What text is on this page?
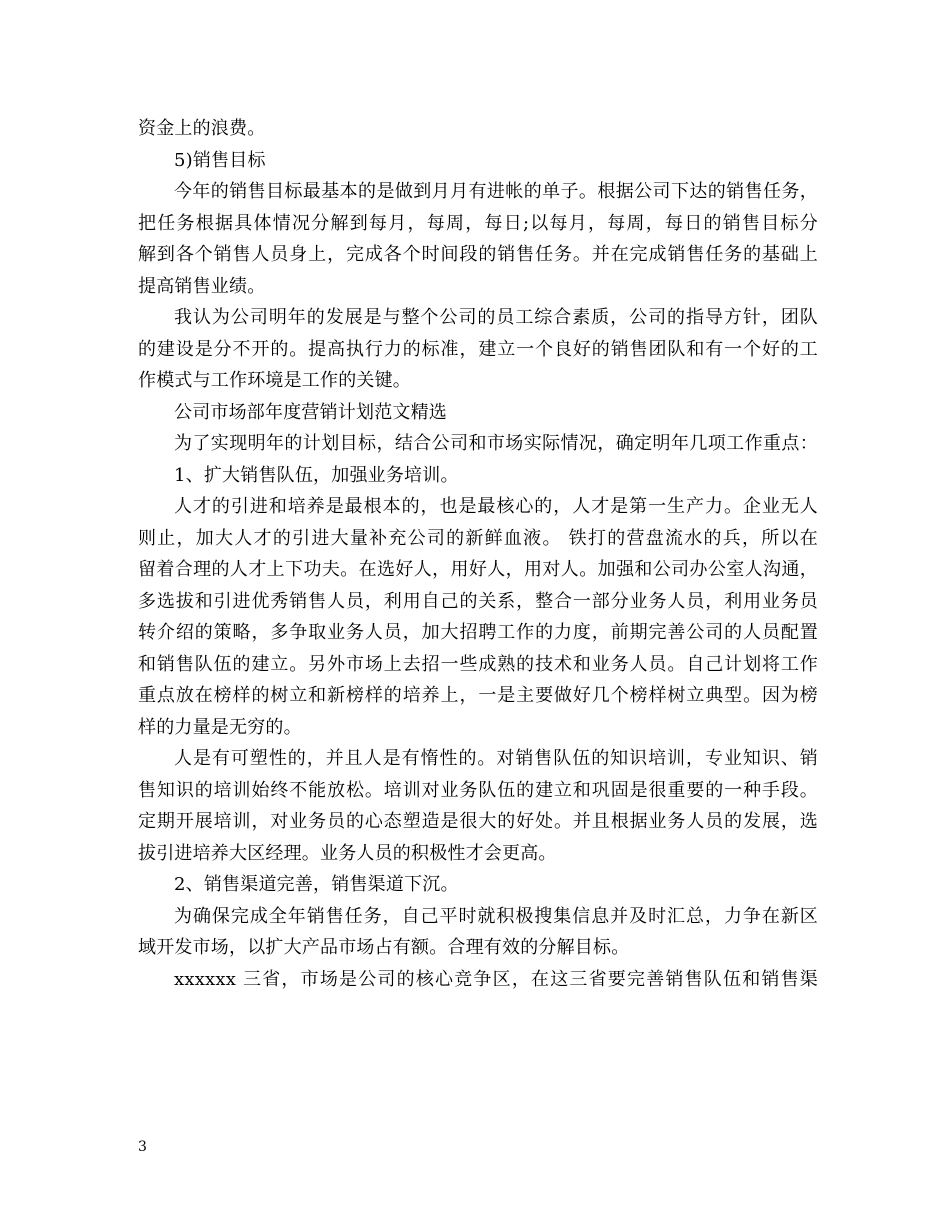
资金上的浪费。
5)销售目标
今年的销售目标最基本的是做到月月有进帐的单子。根据公司下达的销售任务，
把任务根据具体情况分解到每月，每周，每日;以每月，每周，每日的销售目标分
解到各个销售人员身上，完成各个时间段的销售任务。并在完成销售任务的基础上
提高销售业绩。
我认为公司明年的发展是与整个公司的员工综合素质，公司的指导方针，团队
的建设是分不开的。提高执行力的标准，建立一个良好的销售团队和有一个好的工
作模式与工作环境是工作的关键。
公司市场部年度营销计划范文精选
为了实现明年的计划目标，结合公司和市场实际情况，确定明年几项工作重点：
1、扩大销售队伍，加强业务培训。
人才的引进和培养是最根本的，也是最核心的，人才是第一生产力。企业无人
则止，加大人才的引进大量补充公司的新鲜血液。 铁打的营盘流水的兵，所以在
留着合理的人才上下功夫。在选好人，用好人，用对人。加强和公司办公室人沟通，
多选拔和引进优秀销售人员，利用自己的关系，整合一部分业务人员，利用业务员
转介绍的策略，多争取业务人员，加大招聘工作的力度，前期完善公司的人员配置
和销售队伍的建立。另外市场上去招一些成熟的技术和业务人员。自己计划将工作
重点放在榜样的树立和新榜样的培养上，一是主要做好几个榜样树立典型。因为榜
样的力量是无穷的。
人是有可塑性的，并且人是有惰性的。对销售队伍的知识培训，专业知识、销
售知识的培训始终不能放松。培训对业务队伍的建立和巩固是很重要的一种手段。
定期开展培训，对业务员的心态塑造是很大的好处。并且根据业务人员的发展，选
拔引进培养大区经理。业务人员的积极性才会更高。
2、销售渠道完善，销售渠道下沉。
为确保完成全年销售任务，自己平时就积极搜集信息并及时汇总，力争在新区
域开发市场，以扩大产品市场占有额。合理有效的分解目标。
xxxxxx 三省，市场是公司的核心竞争区，在这三省要完善销售队伍和销售渠
3
